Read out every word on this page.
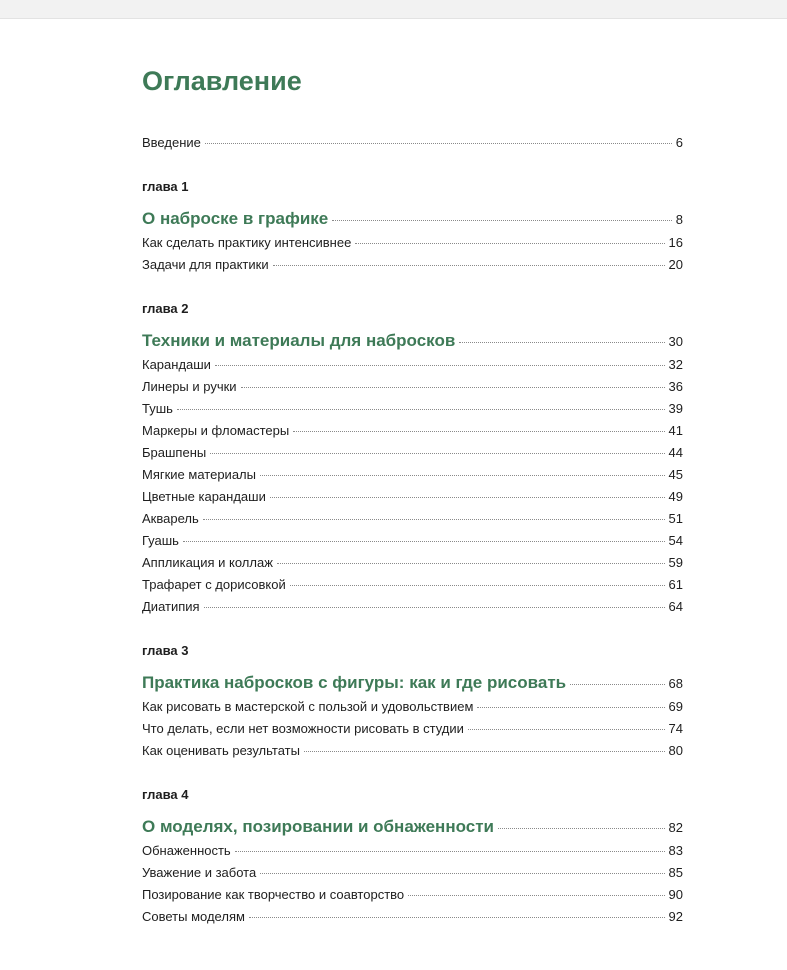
Оглавление
Введение	6
глава 1
О наброске в графике	8
Как сделать практику интенсивнее	16
Задачи для практики	20
глава 2
Техники и материалы для набросков	30
Карандаши	32
Линеры и ручки	36
Тушь	39
Маркеры и фломастеры	41
Брашпены	44
Мягкие материалы	45
Цветные карандаши	49
Акварель	51
Гуашь	54
Аппликация и коллаж	59
Трафарет с дорисовкой	61
Диатипия	64
глава 3
Практика набросков с фигуры: как и где рисовать	68
Как рисовать в мастерской с пользой и удовольствием	69
Что делать, если нет возможности рисовать в студии	74
Как оценивать результаты	80
глава 4
О моделях, позировании и обнаженности	82
Обнаженность	83
Уважение и забота	85
Позирование как творчество и соавторство	90
Советы моделям	92
